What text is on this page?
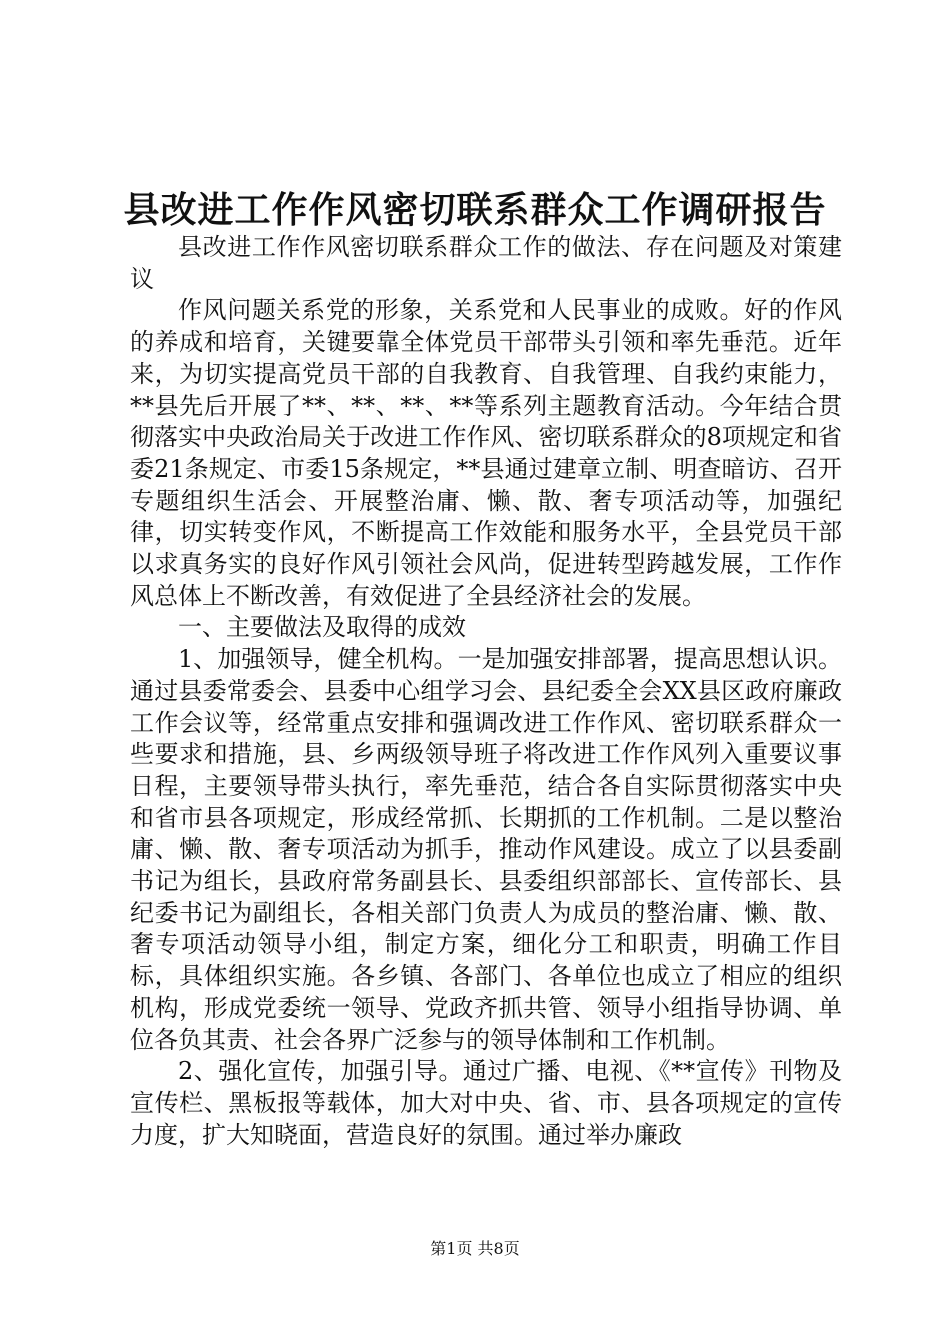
县改进工作作风密切联系群众工作调研报告

县改进工作作风密切联系群众工作的做法、存在问题及对策建议

作风问题关系党的形象，关系党和人民事业的成败。好的作风的养成和培育，关键要靠全体党员干部带头引领和率先垂范。近年来，为切实提高党员干部的自我教育、自我管理、自我约束能力，**县先后开展了**、**、**、**等系列主题教育活动。今年结合贯彻落实中央政治局关于改进工作作风、密切联系群众的8项规定和省委21条规定、市委15条规定，**县通过建章立制、明查暗访、召开专题组织生活会、开展整治庸、懒、散、奢专项活动等，加强纪律，切实转变作风，不断提高工作效能和服务水平，全县党员干部以求真务实的良好作风引领社会风尚，促进转型跨越发展，工作作风总体上不断改善，有效促进了全县经济社会的发展。

一、主要做法及取得的成效

1、加强领导，健全机构。一是加强安排部署，提高思想认识。通过县委常委会、县委中心组学习会、县纪委全会XX县区政府廉政工作会议等，经常重点安排和强调改进工作作风、密切联系群众一些要求和措施，县、乡两级领导班子将改进工作作风列入重要议事日程，主要领导带头执行，率先垂范，结合各自实际贯彻落实中央和省市县各项规定，形成经常抓、长期抓的工作机制。二是以整治庸、懒、散、奢专项活动为抓手，推动作风建设。成立了以县委副书记为组长，县政府常务副县长、县委组织部部长、宣传部长、县纪委书记为副组长，各相关部门负责人为成员的整治庸、懒、散、奢专项活动领导小组，制定方案，细化分工和职责，明确工作目标，具体组织实施。各乡镇、各部门、各单位也成立了相应的组织机构，形成党委统一领导、党政齐抓共管、领导小组指导协调、单位各负其责、社会各界广泛参与的领导体制和工作机制。

2、强化宣传，加强引导。通过广播、电视、《**宣传》刊物及宣传栏、黑板报等载体，加大对中央、省、市、县各项规定的宣传力度，扩大知晓面，营造良好的氛围。通过举办廉政

第1页 共8页
